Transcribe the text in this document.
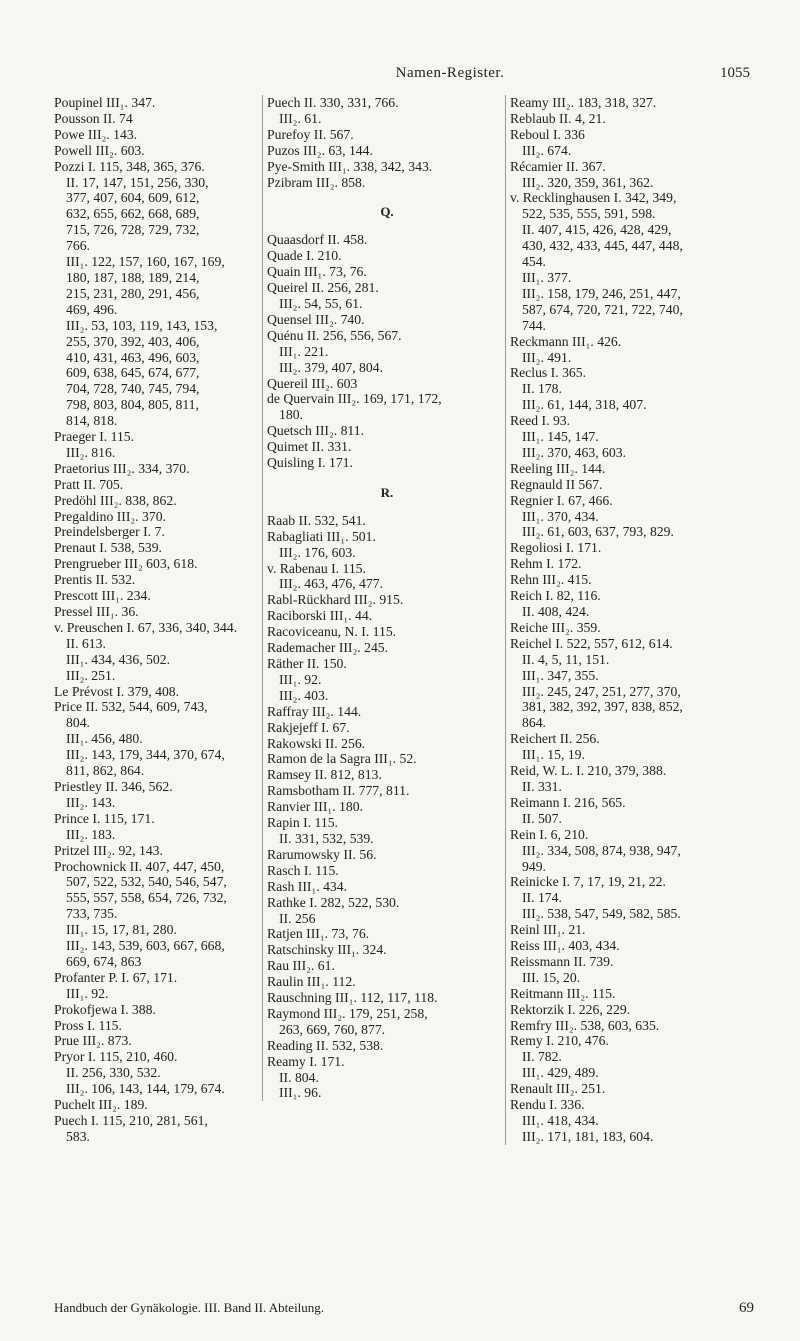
Namen-Register.	1055
Poupinel III₁. 347.
Pousson II. 74
Powe III₂. 143.
Powell III₂. 603.
Pozzi I. 115, 348, 365, 376.
II. 17, 147, 151, 256, 330,
377, 407, 604, 609, 612,
632, 655, 662, 668, 689,
715, 726, 728, 729, 732,
766.
III₁. 122, 157, 160, 167, 169,
180, 187, 188, 189, 214,
215, 231, 280, 291, 456,
469, 496.
III₂. 53, 103, 119, 143, 153,
255, 370, 392, 403, 406,
410, 431, 463, 496, 603,
609, 638, 645, 674, 677,
704, 728, 740, 745, 794,
798, 803, 804, 805, 811,
814, 818.
Praeger I. 115.
III₂. 816.
Praetorius III₂. 334, 370.
Pratt II. 705.
Predöhl III₂. 838, 862.
Pregaldino III₂. 370.
Preindelsberger I. 7.
Prenaut I. 538, 539.
Prengrueber III₂ 603, 618.
Prentis II. 532.
Prescott III₁. 234.
Pressel III₁. 36.
v. Preuschen I. 67, 336, 340, 344.
II. 613.
III₁. 434, 436, 502.
III₂. 251.
Le Prévost I. 379, 408.
Price II. 532, 544, 609, 743,
804.
III₁. 456, 480.
III₂. 143, 179, 344, 370, 674,
811, 862, 864.
Priestley II. 346, 562.
III₂. 143.
Prince I. 115, 171.
III₂. 183.
Pritzel III₂. 92, 143.
Prochownick II. 407, 447, 450,
507, 522, 532, 540, 546, 547,
555, 557, 558, 654, 726, 732,
733, 735.
III₁. 15, 17, 81, 280.
III₂. 143, 539, 603, 667, 668,
669, 674, 863
Profanter P. I. 67, 171.
III₁. 92.
Prokofjewa I. 388.
Pross I. 115.
Prue III₂. 873.
Pryor I. 115, 210, 460.
II. 256, 330, 532.
III₂. 106, 143, 144, 179, 674.
Puchelt III₂. 189.
Puech I. 115, 210, 281, 561,
583.
Puech II. 330, 331, 766.
III₂. 61.
Purefoy II. 567.
Puzos III₂. 63, 144.
Pye-Smith III₁. 338, 342, 343.
Pzibram III₂. 858.
Q.
Quaasdorf II. 458.
Quade I. 210.
Quain III₁. 73, 76.
Queirel II. 256, 281.
III₂. 54, 55, 61.
Quensel III₂. 740.
Quénu II. 256, 556, 567.
III₁. 221.
III₂. 379, 407, 804.
Quereil III₂. 603
de Quervain III₂. 169, 171, 172,
180.
Quetsch III₂. 811.
Quimet II. 331.
Quisling I. 171.
R.
Raab II. 532, 541.
Rabagliati III₁. 501.
III₂. 176, 603.
v. Rabenau I. 115.
III₂. 463, 476, 477.
Rabl-Rückhard III₂. 915.
Raciborski III₁. 44.
Racoviceanu, N. I. 115.
Rademacher III₂. 245.
Räther II. 150.
III₁. 92.
III₂. 403.
Raffray III₂. 144.
Rakjejeff I. 67.
Rakowski II. 256.
Ramon de la Sagra III₁. 52.
Ramsey II. 812, 813.
Ramsbotham II. 777, 811.
Ranvier III₁. 180.
Rapin I. 115.
II. 331, 532, 539.
Rarumowsky II. 56.
Rasch I. 115.
Rash III₁. 434.
Rathke I. 282, 522, 530.
II. 256
Ratjen III₁. 73, 76.
Ratschinsky III₁. 324.
Rau III₂. 61.
Raulin III₁. 112.
Rauschning III₁. 112, 117, 118.
Raymond III₂. 179, 251, 258,
263, 669, 760, 877.
Reading II. 532, 538.
Reamy I. 171.
II. 804.
III₁. 96.
Reamy III₂. 183, 318, 327.
Reblaub II. 4, 21.
Reboul I. 336
III₂. 674.
Récamier II. 367.
III₂. 320, 359, 361, 362.
v. Recklinghausen I. 342, 349,
522, 535, 555, 591, 598.
II. 407, 415, 426, 428, 429,
430, 432, 433, 445, 447, 448,
454.
III₁. 377.
III₂. 158, 179, 246, 251, 447,
587, 674, 720, 721, 722, 740,
744.
Reckmann III₁. 426.
III₂. 491.
Reclus I. 365.
II. 178.
III₂. 61, 144, 318, 407.
Reed I. 93.
III₁. 145, 147.
III₂. 370, 463, 603.
Reeling III₂. 144.
Regnauld II 567.
Regnier I. 67, 466.
III₁. 370, 434.
III₂. 61, 603, 637, 793, 829.
Regoliosi I. 171.
Rehm I. 172.
Rehn III₂. 415.
Reich I. 82, 116.
II. 408, 424.
Reiche III₂. 359.
Reichel I. 522, 557, 612, 614.
II. 4, 5, 11, 151.
III₁. 347, 355.
III₂. 245, 247, 251, 277, 370,
381, 382, 392, 397, 838, 852,
864.
Reichert II. 256.
III₁. 15, 19.
Reid, W. L. I. 210, 379, 388.
II. 331.
Reimann I. 216, 565.
II. 507.
Rein I. 6, 210.
III₂. 334, 508, 874, 938, 947,
949.
Reinicke I. 7, 17, 19, 21, 22.
II. 174.
III₂. 538, 547, 549, 582, 585.
Reinl III₁. 21.
Reiss III₁. 403, 434.
Reissmann II. 739.
III. 15, 20.
Reitmann III₂. 115.
Rektorzik I. 226, 229.
Remfry III₂. 538, 603, 635.
Remy I. 210, 476.
II. 782.
III₁. 429, 489.
Renault III₂. 251.
Rendu I. 336.
III₁. 418, 434.
III₂. 171, 181, 183, 604.
Handbuch der Gynäkologie. III. Band II. Abteilung.	69
